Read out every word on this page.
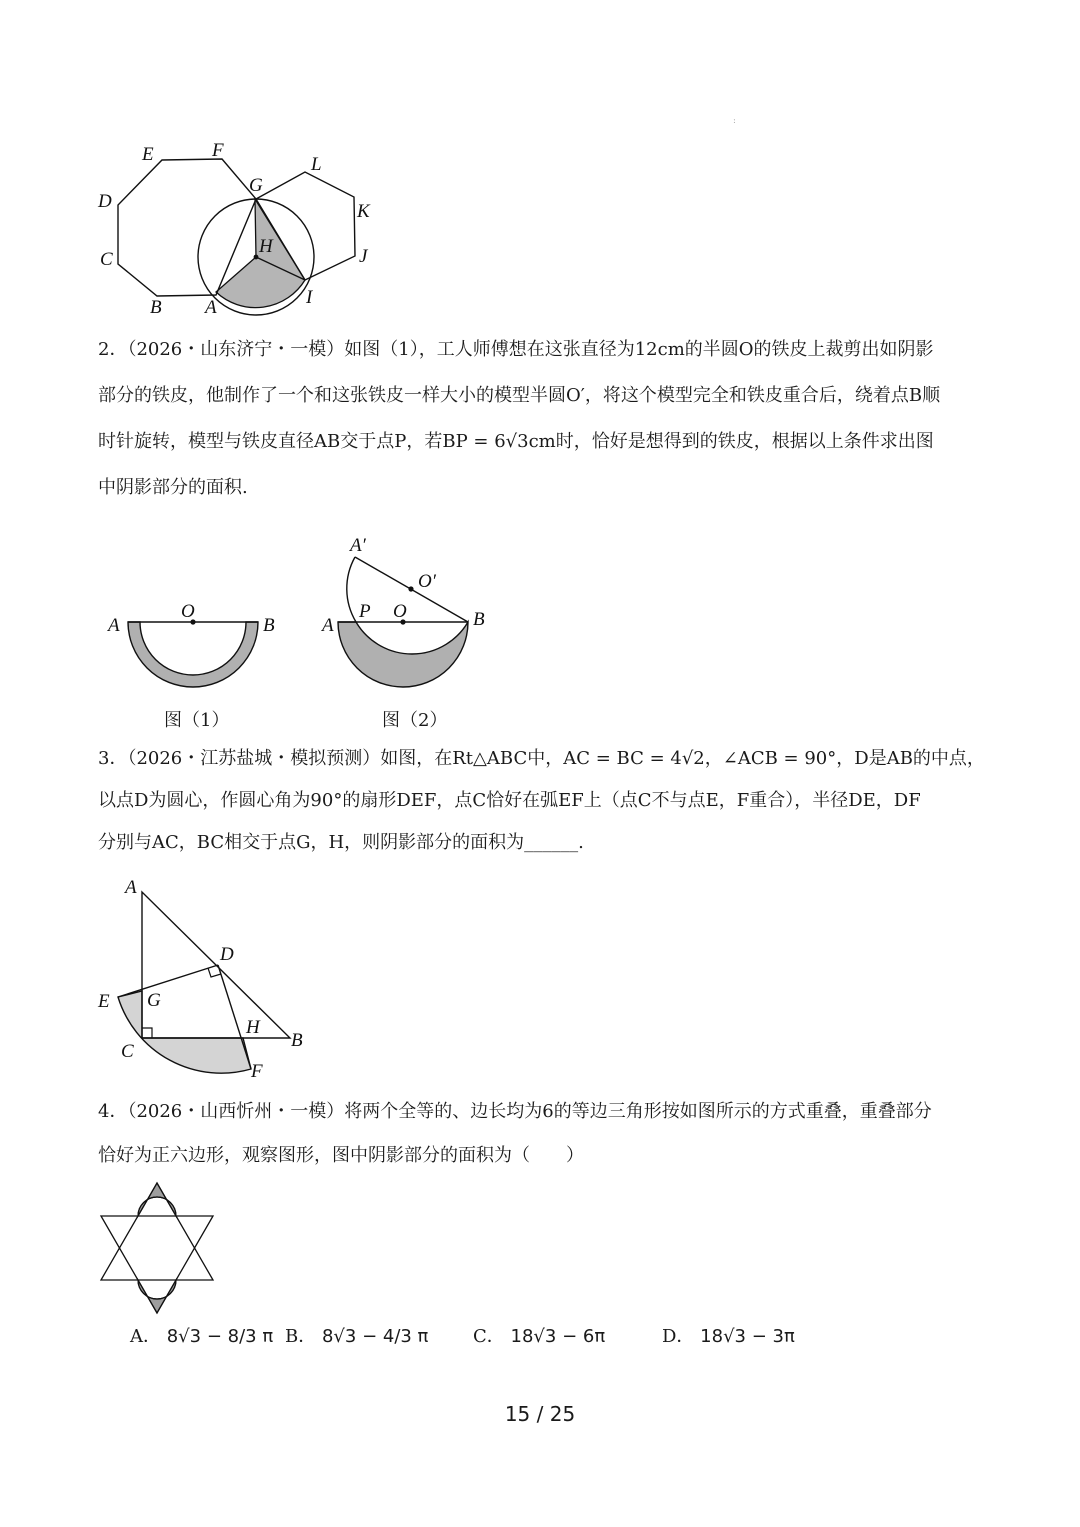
ː
E	F
L
D
G
K
H
C	J
B A	I
2．（2026・山东济宁・一模）如图（1），工人师傅想在这张直径为12cm的半圆O的铁皮上裁剪出如阴影
部分的铁皮，他制作了一个和这张铁皮一样大小的模型半圆O′，将这个模型完全和铁皮重合后，绕着点B顺
时针旋转，模型与铁皮直径AB交于点P，若BP = 6√3cm时，恰好是想得到的铁皮，根据以上条件求出图
中阴影部分的面积.
A
O
B
图（1）
A′
O′
P O
A	B
图（2）
3．（2026・江苏盐城・模拟预测）如图，在Rt△ABC中，AC = BC = 4√2，∠ACB = 90°，D是AB的中点，
以点D为圆心，作圆心角为90°的扇形DEF，点C恰好在弧EF上（点C不与点E，F重合），半径DE，DF
分别与AC，BC相交于点G，H，则阴影部分的面积为______.
A
D
E G
H
B
C
F
4．（2026・山西忻州・一模）将两个全等的、边长均为6的等边三角形按如图所示的方式重叠，重叠部分
恰好为正六边形，观察图形，图中阴影部分的面积为（　　）
A． 8√3 − 8/3 π B． 8√3 − 4/3 π C． 18√3 − 6π	D． 18√3 − 3π
15 / 25
